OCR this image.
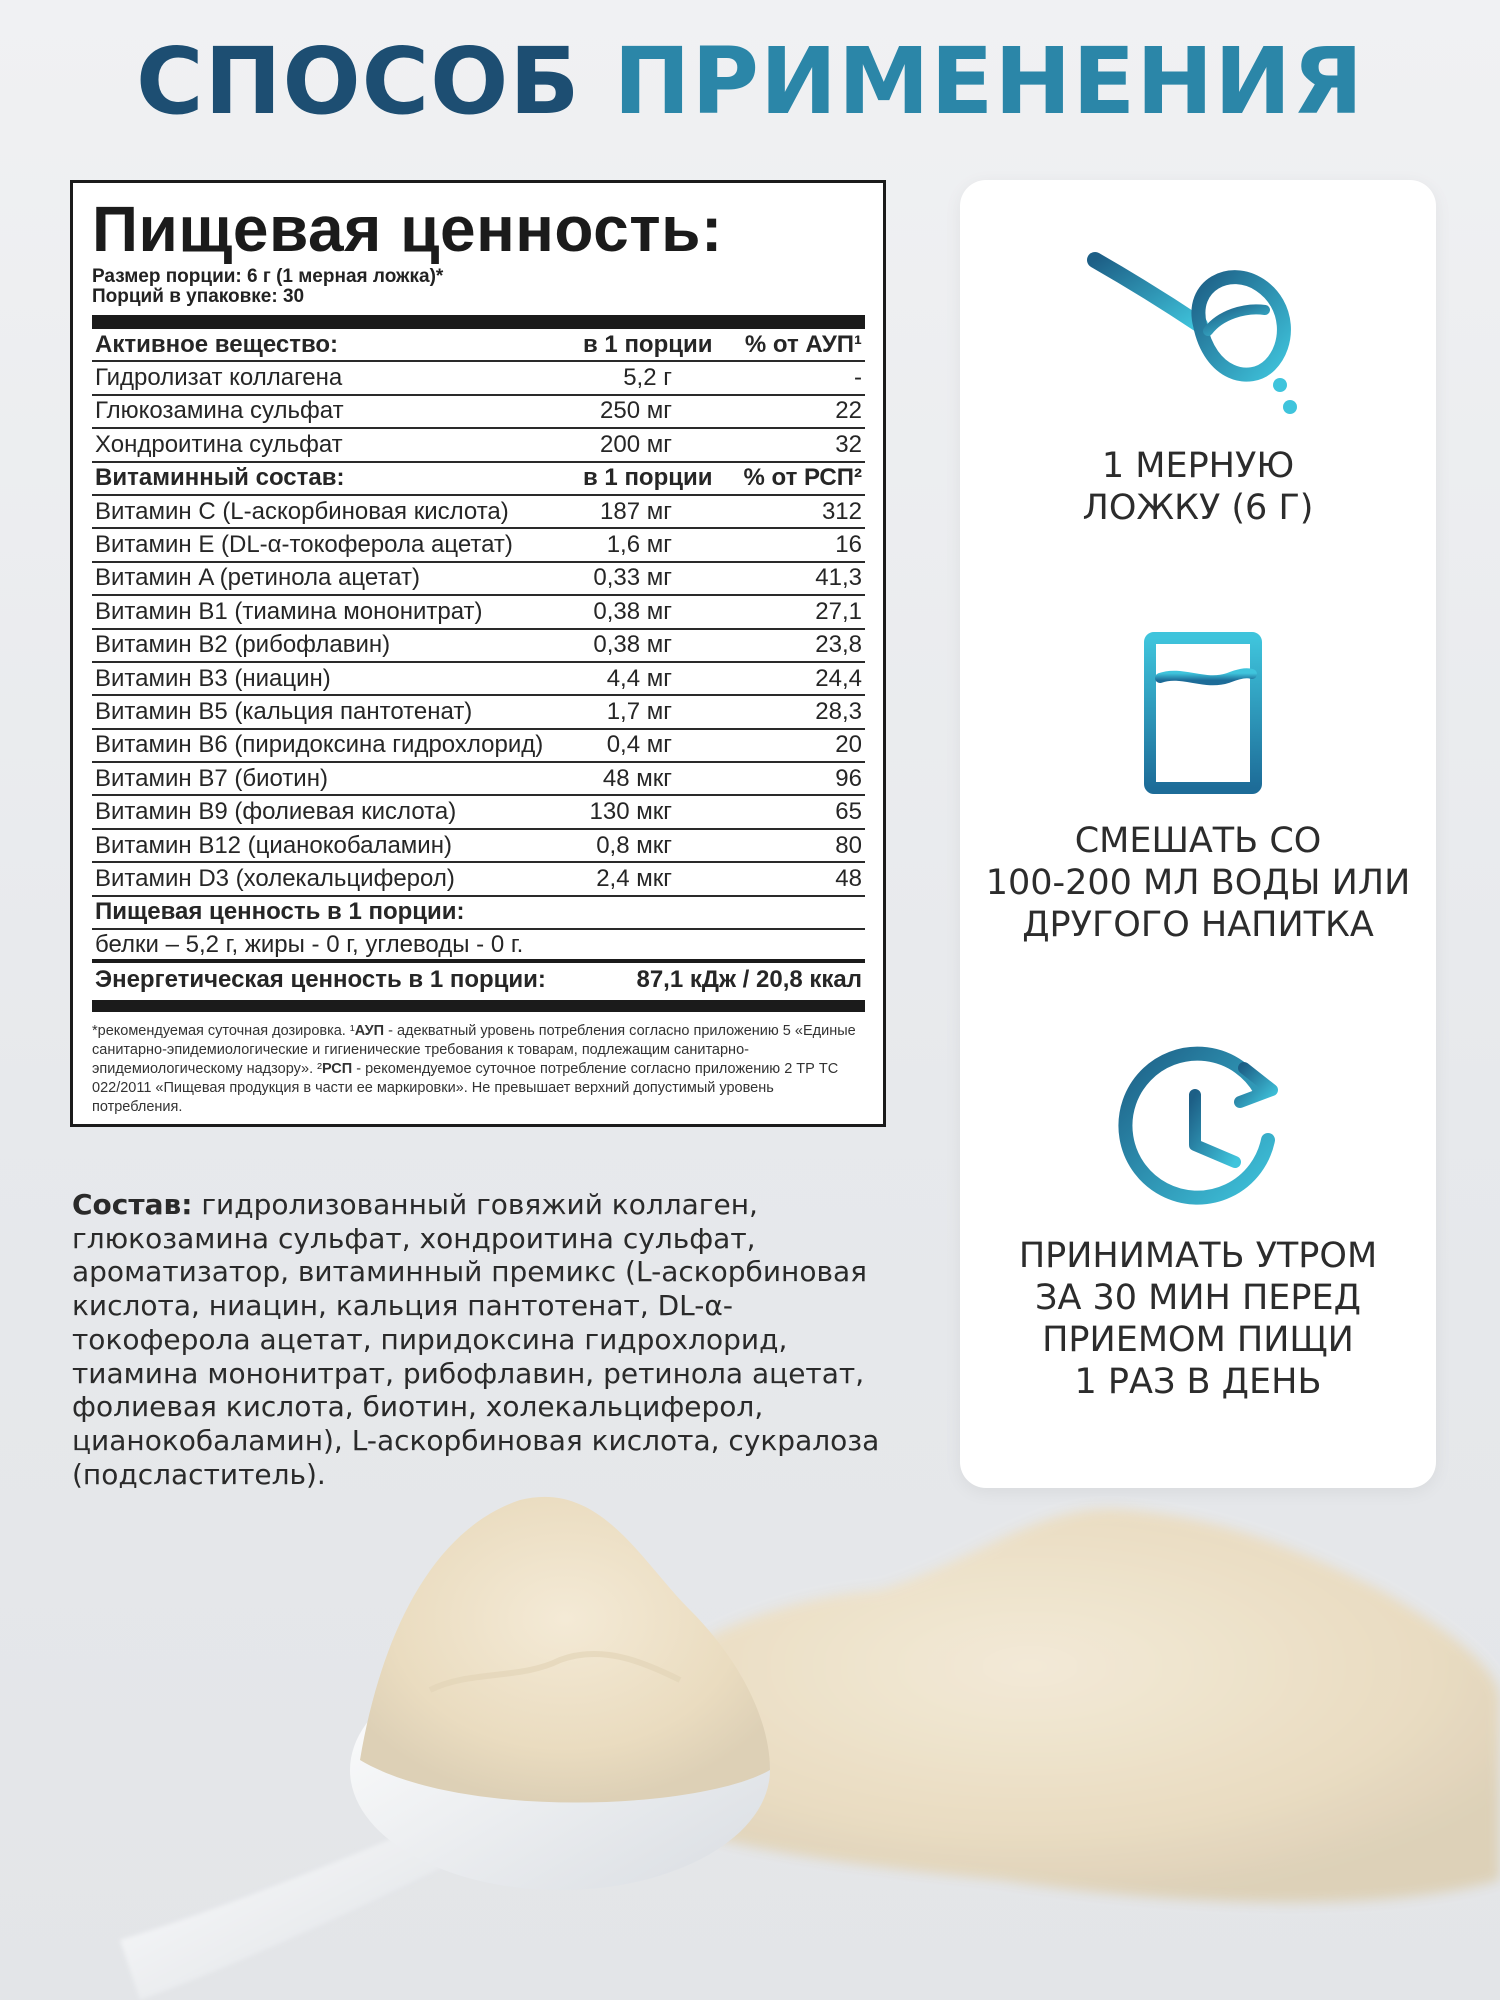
СПОСОБ ПРИМЕНЕНИЯ
Пищевая ценность:
Размер порции: 6 г (1 мерная ложка)*
Порций в упаковке: 30
Активное вещество:	в 1 порции	% от АУП¹
Гидролизат коллагена	5,2 г	-
Глюкозамина сульфат	250 мг	22
Хондроитина сульфат	200 мг	32
Витаминный состав:	в 1 порции	% от РСП²
Витамин C (L-аскорбиновая кислота)	187 мг	312
Витамин E (DL-α-токоферола ацетат)	1,6 мг	16
Витамин A (ретинола ацетат)	0,33 мг	41,3
Витамин B1 (тиамина мононитрат)	0,38 мг	27,1
Витамин B2 (рибофлавин)	0,38 мг	23,8
Витамин B3 (ниацин)	4,4 мг	24,4
Витамин B5 (кальция пантотенат)	1,7 мг	28,3
Витамин B6 (пиридоксина гидрохлорид)	0,4 мг	20
Витамин B7 (биотин)	48 мкг	96
Витамин B9 (фолиевая кислота)	130 мкг	65
Витамин B12 (цианокобаламин)	0,8 мкг	80
Витамин D3 (холекальциферол)	2,4 мкг	48
Пищевая ценность в 1 порции:
белки – 5,2 г, жиры - 0 г, углеводы - 0 г.
Энергетическая ценность в 1 порции:	87,1 кДж / 20,8 ккал
*рекомендуемая суточная дозировка. ¹АУП - адекватный уровень потребления согласно приложению 5 «Единые санитарно-эпидемиологические и гигиенические требования к товарам, подлежащим санитарно-эпидемиологическому надзору». ²РСП - рекомендуемое суточное потребление согласно приложению 2 ТР ТС 022/2011 «Пищевая продукция в части ее маркировки». Не превышает верхний допустимый уровень потребления.
Состав: гидролизованный говяжий коллаген, глюкозамина сульфат, хондроитина сульфат, ароматизатор, витаминный премикс (L-аскорбиновая кислота, ниацин, кальция пантотенат, DL-α-токоферола ацетат, пиридоксина гидрохлорид, тиамина мононитрат, рибофлавин, ретинола ацетат, фолиевая кислота, биотин, холекальциферол, цианокобаламин), L-аскорбиновая кислота, сукралоза (подсластитель).
1 МЕРНУЮ
ЛОЖКУ (6 Г)
СМЕШАТЬ СО
100-200 МЛ ВОДЫ ИЛИ
ДРУГОГО НАПИТКА
ПРИНИМАТЬ УТРОМ
ЗА 30 МИН ПЕРЕД
ПРИЕМОМ ПИЩИ
1 РАЗ В ДЕНЬ
